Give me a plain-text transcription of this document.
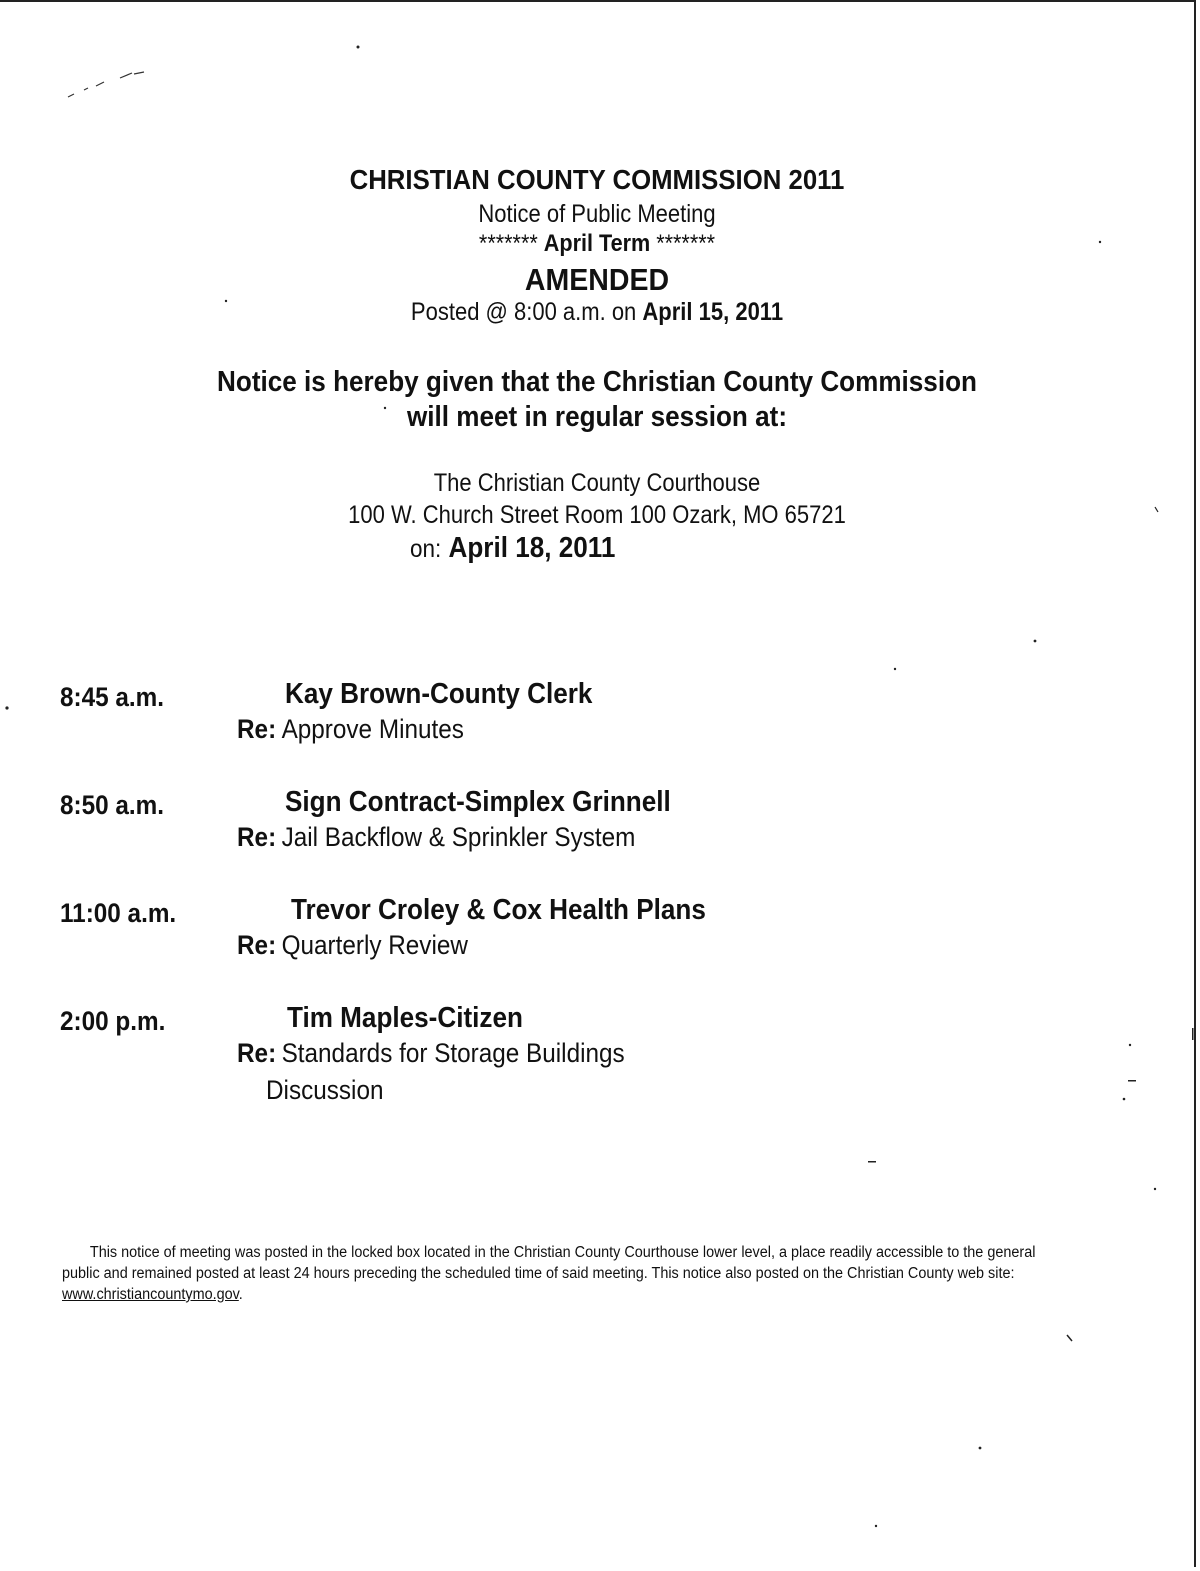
CHRISTIAN COUNTY COMMISSION 2011
Notice of Public Meeting
******* April Term *******
AMENDED
Posted @ 8:00 a.m. on April 15, 2011
Notice is hereby given that the Christian County Commission
will meet in regular session at:
The Christian County Courthouse
100 W. Church Street Room 100 Ozark, MO 65721
on: April 18, 2011
8:45 a.m.	Kay Brown-County Clerk
Re: Approve Minutes
8:50 a.m.	Sign Contract-Simplex Grinnell
Re: Jail Backflow & Sprinkler System
11:00 a.m.	Trevor Croley & Cox Health Plans
Re: Quarterly Review
2:00 p.m.	Tim Maples-Citizen
Re: Standards for Storage Buildings
Discussion
This notice of meeting was posted in the locked box located in the Christian County Courthouse lower level, a place readily accessible to the general public and remained posted at least 24 hours preceding the scheduled time of said meeting. This notice also posted on the Christian County web site: www.christiancountymo.gov.
